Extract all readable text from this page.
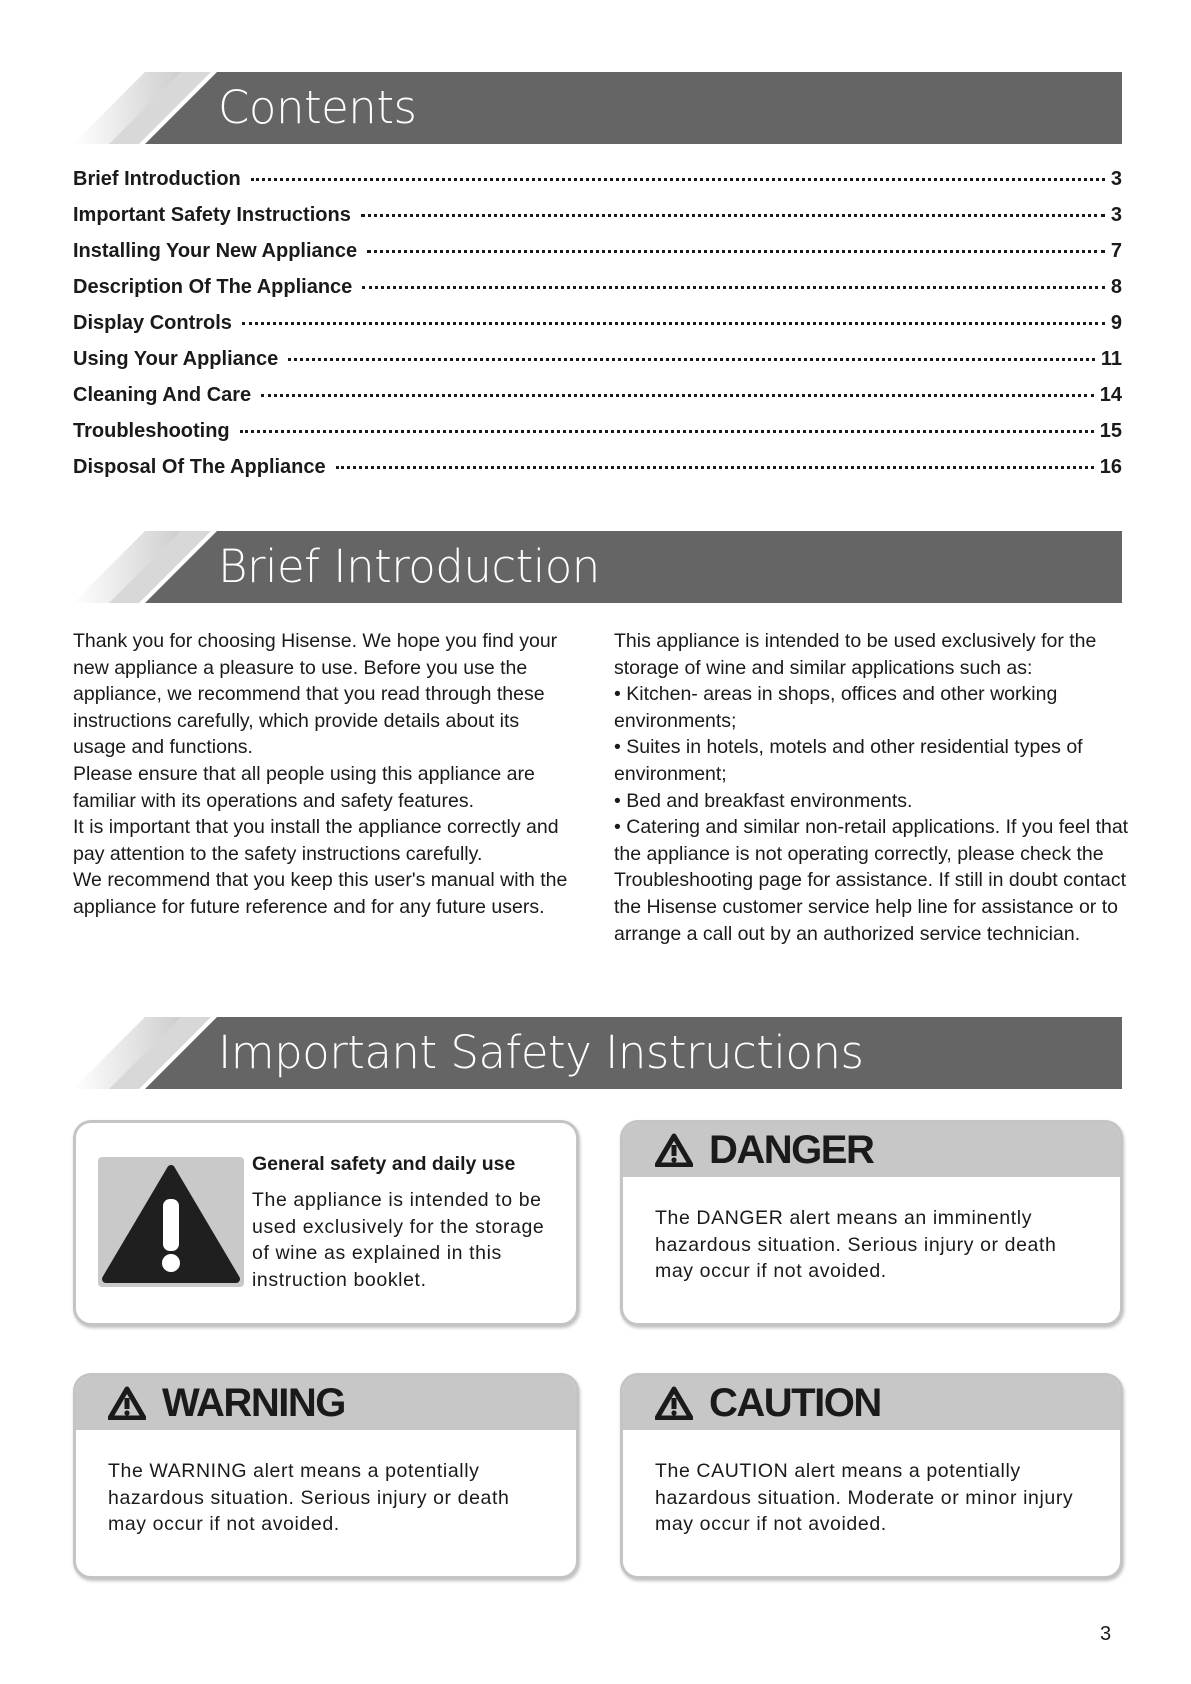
Contents
Brief Introduction	3
Important Safety Instructions	3
Installing Your New Appliance	7
Description Of The Appliance	8
Display Controls	9
Using Your Appliance	11
Cleaning And Care	14
Troubleshooting	15
Disposal Of The Appliance	16
Brief Introduction

Thank you for choosing Hisense. We hope you find your new appliance a pleasure to use. Before you use the appliance, we recommend that you read through these instructions carefully, which provide details about its usage and functions.

Please ensure that all people using this appliance are familiar with its operations and safety features.

It is important that you install the appliance correctly and pay attention to the safety instructions carefully.

We recommend that you keep this user's manual with the appliance for future reference and for any future users.

This appliance is intended to be used exclusively for the storage of wine and similar applications such as:

• Kitchen- areas in shops, offices and other working environments;
• Suites in hotels, motels and other residential types of environment;
• Bed and breakfast environments.
• Catering and similar non-retail applications. If you feel that the appliance is not operating correctly, please check the Troubleshooting page for assistance. If still in doubt contact the Hisense customer service help line for assistance or to arrange a call out by an authorized service technician.
Important Safety Instructions
General safety and daily use
The appliance is intended to be used exclusively for the storage of wine as explained in this instruction booklet.
DANGER
The DANGER alert means an imminently hazardous situation. Serious injury or death may occur if not avoided.
WARNING
The WARNING alert means a potentially hazardous situation. Serious injury or death may occur if not avoided.
CAUTION
The CAUTION alert means a potentially hazardous situation. Moderate or minor injury may occur if not avoided.
3
